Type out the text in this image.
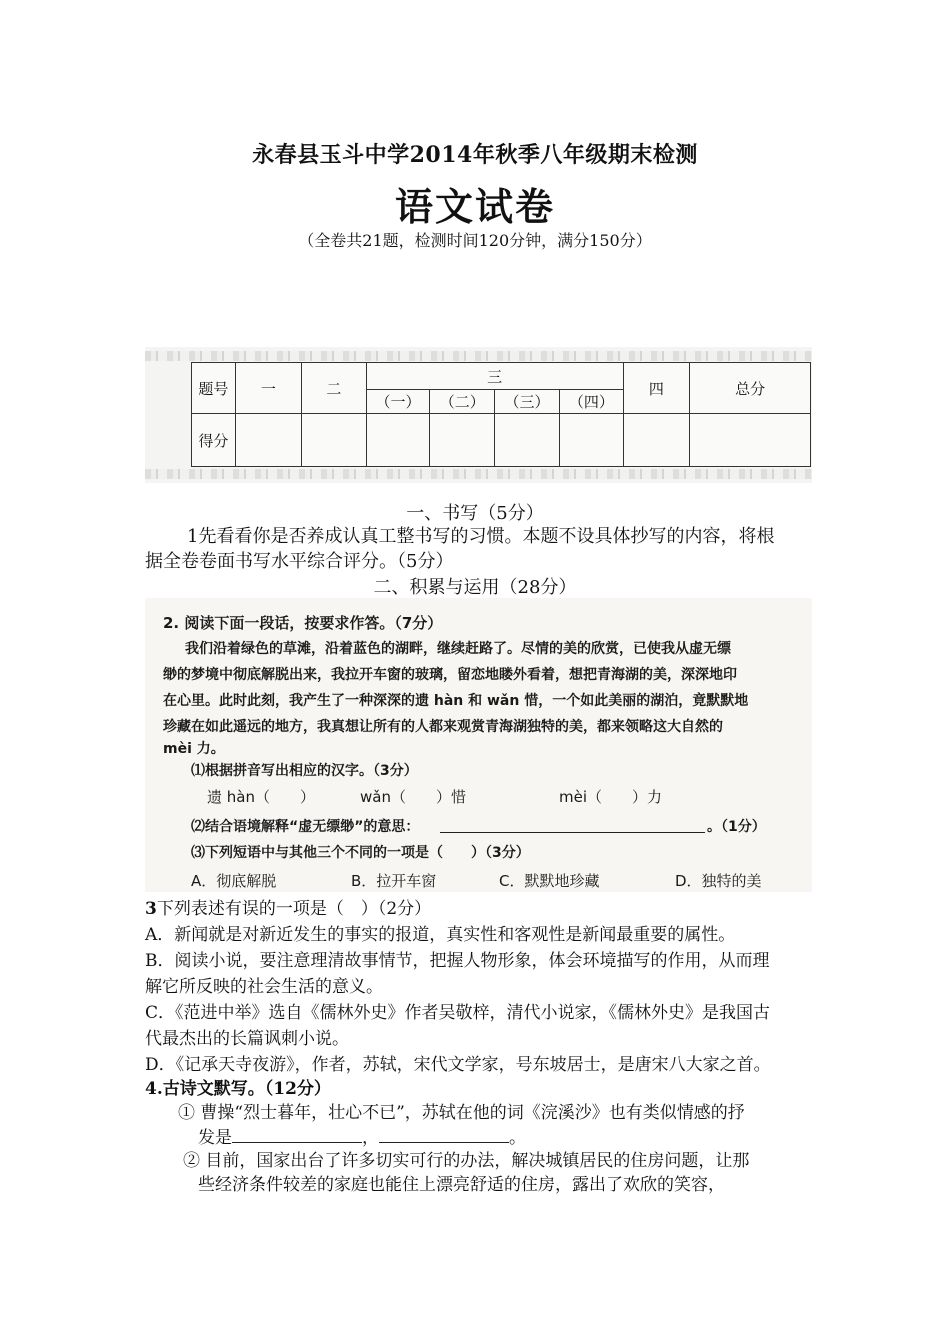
永春县玉斗中学2014年秋季八年级期末检测
语文试卷
（全卷共21题，检测时间120分钟，满分150分）
题号	一	二	三				四	总分
			（一）	（二）	（三）	（四）		
得分								
一、书写（5分）
1先看看你是否养成认真工整书写的习惯。本题不设具体抄写的内容，将根
据全卷卷面书写水平综合评分。（5分）
二、积累与运用（28分）
2. 阅读下面一段话，按要求作答。（7分）
我们沿着绿色的草滩，沿着蓝色的湖畔，继续赶路了。尽情的美的欣赏，已使我从虚无缥
缈的梦境中彻底解脱出来，我拉开车窗的玻璃，留恋地䁖外看着，想把青海湖的美，深深地印
在心里。此时此刻，我产生了一种深深的遗 hàn 和 wǎn 惜，一个如此美丽的湖泊，竟默默地
珍藏在如此遥远的地方，我真想让所有的人都来观赏青海湖独特的美，都来领略这大自然的
mèi 力。
⑴根据拼音写出相应的汉字。（3分）
遗 hàn（　　）	wǎn（　　）惜	mèi（　　）力
⑵结合语境解释“虚无缥缈”的意思：	。（1分）
⑶下列短语中与其他三个不同的一项是（　　）（3分）
A．彻底解脱	B．拉开车窗	C．默默地珍藏	D．独特的美
3下列表述有误的一项是（　）（2分）
A．新闻就是对新近发生的事实的报道，真实性和客观性是新闻最重要的属性。
B．阅读小说，要注意理清故事情节，把握人物形象，体会环境描写的作用，从而理
解它所反映的社会生活的意义。
C．《范进中举》选自《儒林外史》作者吴敬梓，清代小说家，《儒林外史》是我国古
代最杰出的长篇讽刺小说。
D．《记承天寺夜游》，作者，苏轼，宋代文学家，号东坡居士，是唐宋八大家之首。
4.古诗文默写。（12分）
① 曹操“烈士暮年，壮心不已”，苏轼在他的词《浣溪沙》也有类似情感的抒
发是	，	。
② 目前，国家出台了许多切实可行的办法，解决城镇居民的住房问题，让那
些经济条件较差的家庭也能住上漂亮舒适的住房，露出了欢欣的笑容，
